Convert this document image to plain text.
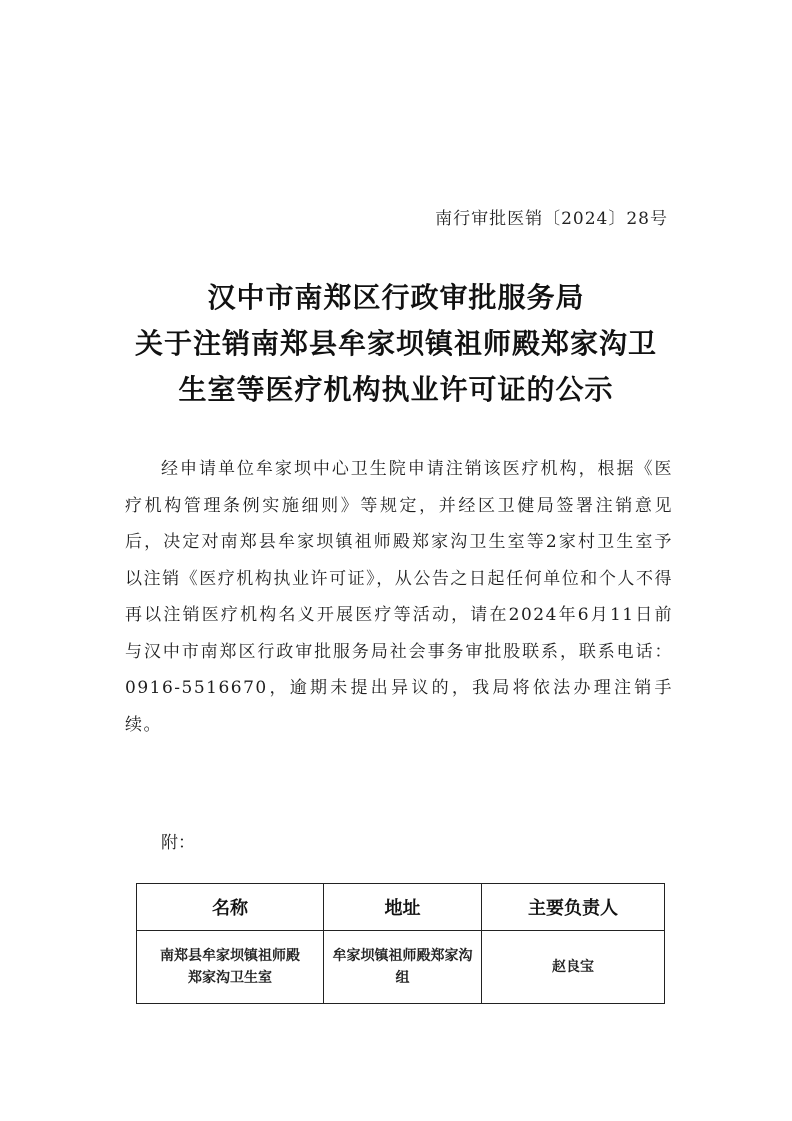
南行审批医销〔2024〕28号
汉中市南郑区行政审批服务局
关于注销南郑县牟家坝镇祖师殿郑家沟卫
生室等医疗机构执业许可证的公示
经申请单位牟家坝中心卫生院申请注销该医疗机构，根据《医疗机构管理条例实施细则》等规定，并经区卫健局签署注销意见后，决定对南郑县牟家坝镇祖师殿郑家沟卫生室等2家村卫生室予以注销《医疗机构执业许可证》，从公告之日起任何单位和个人不得再以注销医疗机构名义开展医疗等活动，请在2024年6月11日前与汉中市南郑区行政审批服务局社会事务审批股联系，联系电话：0916-5516670，逾期未提出异议的，我局将依法办理注销手续。
附：
名称	地址	主要负责人
南郑县牟家坝镇祖师殿郑家沟卫生室	牟家坝镇祖师殿郑家沟组	赵良宝
